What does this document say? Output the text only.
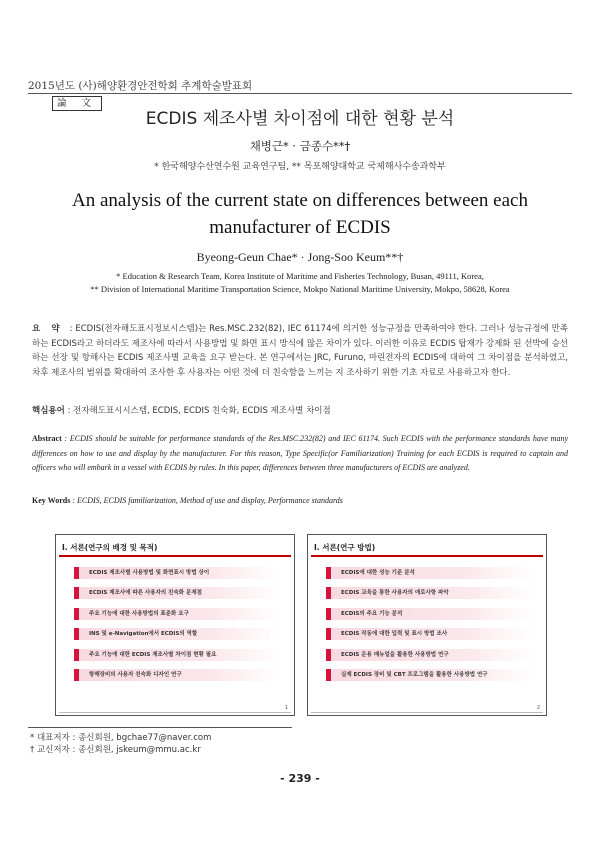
2015년도 (사)해양환경안전학회 추계학술발표회
論 文
ECDIS 제조사별 차이점에 대한 현황 분석
채병근* · 금종수**†
* 한국해양수산연수원 교육연구팀, ** 목포해양대학교 국제해사수송과학부
An analysis of the current state on differences between each manufacturer of ECDIS
Byeong-Geun Chae* · Jong-Soo Keum**†
* Education & Research Team, Korea Institute of Maritime and Fisheries Technology, Busan, 49111, Korea,
** Division of International Maritime Transportation Science, Mokpo National Maritime University, Mokpo, 58628, Korea
요 약 : ECDIS(전자해도표시정보시스템)는 Res.MSC.232(82), IEC 61174에 의거한 성능규정을 만족하여야 한다. 그러나 성능규정에 만족하는 ECDIS라고 하더라도 제조사에 따라서 사용방법 및 화면 표시 방식에 많은 차이가 있다. 이러한 이유로 ECDIS 탑재가 강제화 된 선박에 승선하는 선장 및 항해사는 ECDIS 제조사별 교육을 요구 받는다. 본 연구에서는 JRC, Furuno, 마린전자의 ECDIS에 대하여 그 차이점을 분석하였고, 차후 제조사의 범위를 확대하여 조사한 후 사용자는 어떤 것에 더 친숙함을 느끼는 지 조사하기 위한 기초 자료로 사용하고자 한다.
핵심용어 : 전자해도표시시스템, ECDIS, ECDIS 친숙화, ECDIS 제조사별 차이점
Abstract : ECDIS should be suitable for performance standards of the Res.MSC.232(82) and IEC 61174. Such ECDIS with the performance standards have many differences on how to use and display by the manufacturer. For this reason, Type Specific(or Familiarization) Training for each ECDIS is required to captain and officers who will embark in a vessel with ECDIS by rules. In this paper, differences between three manufacturers of ECDIS are analyzed.
Key Words : ECDIS, ECDIS familiarization, Method of use and display, Performance standards
I. 서론(연구의 배경 및 목적)
ECDIS 제조사별 사용방법 및 화면표시 방법 상이
ECDIS 제조사에 따른 사용자의 친숙화 문제점
주요 기능에 대한 사용방법의 표준화 요구
INS 및 e-Navigation에서 ECDIS의 역할
주요 기능에 대한 ECDIS 제조사별 차이점 현황 필요
항해장비의 사용자 친숙화 디자인 연구
1
I. 서론(연구 방법)
ECDIS에 대한 성능 기준 분석
ECDIS 교육을 통한 사용자의 애로사항 파악
ECDIS의 주요 기능 분석
ECDIS 작동에 대한 입력 및 표시 방법 조사
ECDIS 운용 매뉴얼을 활용한 사용방법 연구
실제 ECDIS 장비 및 CBT 프로그램을 활용한 사용방법 연구
2
* 대표저자 : 종신회원, bgchae77@naver.com
† 교신저자 : 종신회원, jskeum@mmu.ac.kr
- 239 -
